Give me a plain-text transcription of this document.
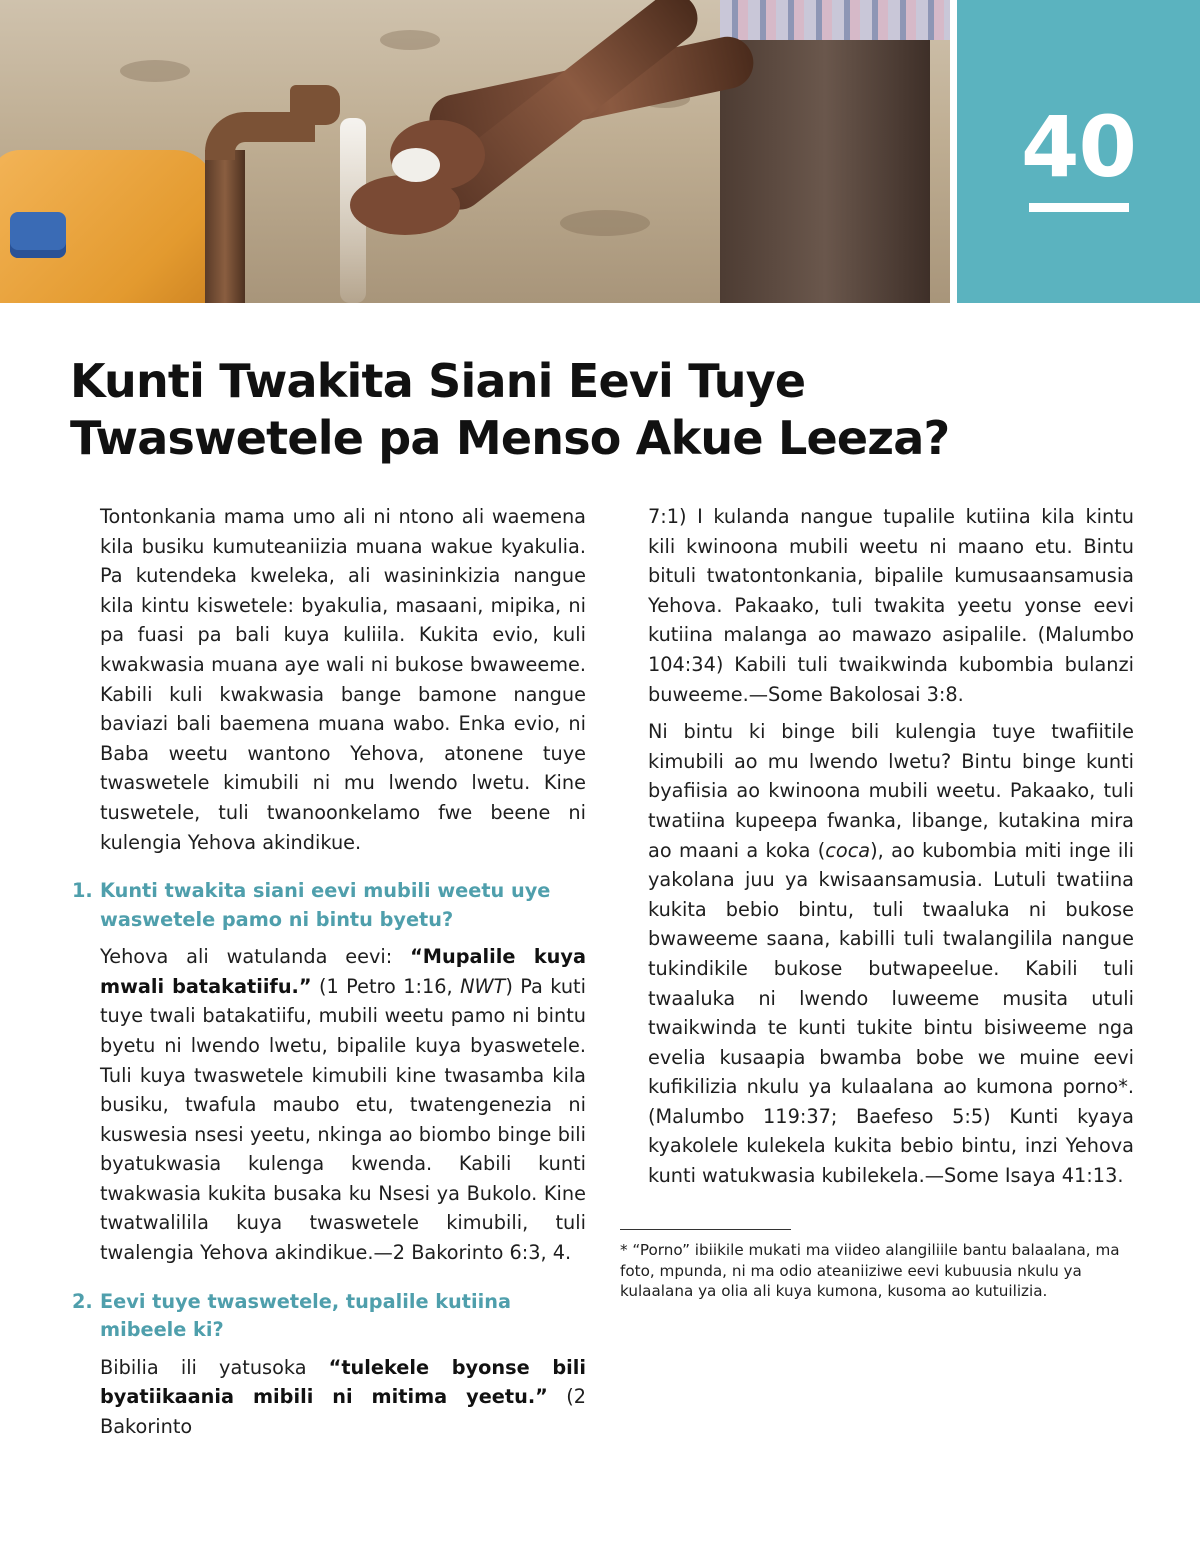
40
Kunti Twakita Siani Eevi Tuye
Twaswetele pa Menso Akue Leeza?

Tontonkania mama umo ali ni ntono ali waemena kila busiku kumuteaniizia muana wakue kyakulia. Pa kutendeka kweleka, ali wasininkizia nangue kila kintu kiswetele: byakulia, masaani, mipika, ni pa fuasi pa bali kuya kuliila. Kukita evio, kuli kwakwasia muana aye wali ni bukose bwaweeme. Kabili kuli kwakwasia bange bamone nangue baviazi bali baemena muana wabo. Enka evio, ni Baba weetu wantono Yehova, atonene tuye twaswetele kimubili ni mu lwendo lwetu. Kine tuswetele, tuli twanoonkelamo fwe beene ni kulengia Yehova akindikue.

1. Kunti twakita siani eevi mubili weetu uye waswetele pamo ni bintu byetu?

Yehova ali watulanda eevi: “Mupalile kuya mwali batakatiifu.” (1 Petro 1:16, NWT) Pa kuti tuye twali batakatiifu, mubili weetu pamo ni bintu byetu ni lwendo lwetu, bipalile kuya byaswetele. Tuli kuya twaswetele kimubili kine twasamba kila busiku, twafula maubo etu, twatengenezia ni kuswesia nsesi yeetu, nkinga ao biombo binge bili byatukwasia kulenga kwenda. Kabili kunti twakwasia kukita busaka ku Nsesi ya Bukolo. Kine twatwalilila kuya twaswetele kimubili, tuli twalengia Yehova akindikue.—2 Bakorinto 6:3, 4.

2. Eevi tuye twaswetele, tupalile kutiina mibeele ki?

Bibilia ili yatusoka “tulekele byonse bili byatiikaania mibili ni mitima yeetu.” (2 Bakorinto

7:1) I kulanda nangue tupalile kutiina kila kintu kili kwinoona mubili weetu ni maano etu. Bintu bituli twatontonkania, bipalile kumusaansamusia Yehova. Pakaako, tuli twakita yeetu yonse eevi kutiina malanga ao mawazo asipalile. (Malumbo 104:34) Kabili tuli twaikwinda kubombia bulanzi buweeme.—Some Bakolosai 3:8.

Ni bintu ki binge bili kulengia tuye twafiitile kimubili ao mu lwendo lwetu? Bintu binge kunti byafiisia ao kwinoona mubili weetu. Pakaako, tuli twatiina kupeepa fwanka, libange, kutakina mira ao maani a koka (coca), ao kubombia miti inge ili yakolana juu ya kwisaansamusia. Lutuli twatiina kukita bebio bintu, tuli twaaluka ni bukose bwaweeme saana, kabilli tuli twalangilila nangue tukindikile bukose butwapeelue. Kabili tuli twaaluka ni lwendo luweeme musita utuli twaikwinda te kunti tukite bintu bisiweeme nga evelia kusaapia bwamba bobe we muine eevi kufikilizia nkulu ya kulaalana ao kumona porno*. (Malumbo 119:37; Baefeso 5:5) Kunti kyaya kyakolele kulekela kukita bebio bintu, inzi Yehova kunti watukwasia kubilekela.—Some Isaya 41:13.

* “Porno” ibiikile mukati ma viideo alangiliile bantu balaalana, ma foto, mpunda, ni ma odio ateaniiziwe eevi kubuusia nkulu ya kulaalana ya olia ali kuya kumona, kusoma ao kutuilizia.
